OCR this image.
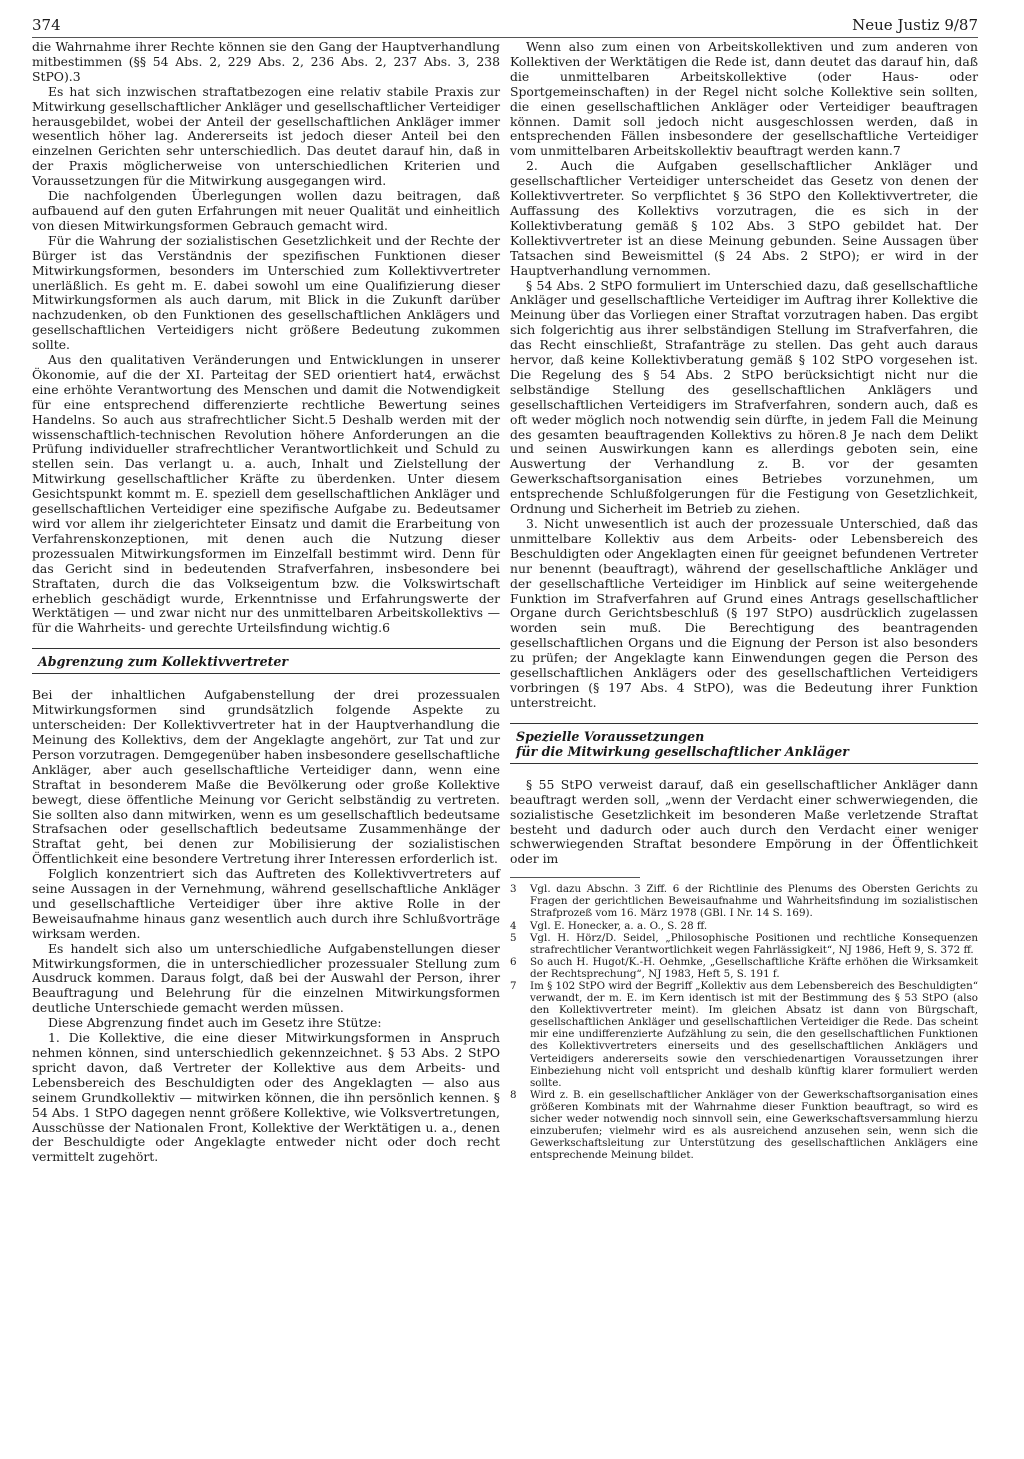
374	Neue Justiz 9/87

die Wahrnahme ihrer Rechte können sie den Gang der Hauptverhandlung mitbestimmen (§§ 54 Abs. 2, 229 Abs. 2, 236 Abs. 2, 237 Abs. 3, 238 StPO).3

Es hat sich inzwischen straftatbezogen eine relativ stabile Praxis zur Mitwirkung gesellschaftlicher Ankläger und gesellschaftlicher Verteidiger herausgebildet, wobei der Anteil der gesellschaftlichen Ankläger immer wesentlich höher lag. Andererseits ist jedoch dieser Anteil bei den einzelnen Gerichten sehr unterschiedlich. Das deutet darauf hin, daß in der Praxis möglicherweise von unterschiedlichen Kriterien und Voraussetzungen für die Mitwirkung ausgegangen wird.

Die nachfolgenden Überlegungen wollen dazu beitragen, daß aufbauend auf den guten Erfahrungen mit neuer Qualität und einheitlich von diesen Mitwirkungsformen Gebrauch gemacht wird.

Für die Wahrung der sozialistischen Gesetzlichkeit und der Rechte der Bürger ist das Verständnis der spezifischen Funktionen dieser Mitwirkungsformen, besonders im Unterschied zum Kollektivvertreter unerläßlich. Es geht m. E. dabei sowohl um eine Qualifizierung dieser Mitwirkungsformen als auch darum, mit Blick in die Zukunft darüber nachzudenken, ob den Funktionen des gesellschaftlichen Anklägers und gesellschaftlichen Verteidigers nicht größere Bedeutung zukommen sollte.

Aus den qualitativen Veränderungen und Entwicklungen in unserer Ökonomie, auf die der XI. Parteitag der SED orientiert hat4, erwächst eine erhöhte Verantwortung des Menschen und damit die Notwendigkeit für eine entsprechend differenzierte rechtliche Bewertung seines Handelns. So auch aus strafrechtlicher Sicht.5 Deshalb werden mit der wissenschaftlich-technischen Revolution höhere Anforderungen an die Prüfung individueller strafrechtlicher Verantwortlichkeit und Schuld zu stellen sein. Das verlangt u. a. auch, Inhalt und Zielstellung der Mitwirkung gesellschaftlicher Kräfte zu überdenken. Unter diesem Gesichtspunkt kommt m. E. speziell dem gesellschaftlichen Ankläger und gesellschaftlichen Verteidiger eine spezifische Aufgabe zu. Bedeutsamer wird vor allem ihr zielgerichteter Einsatz und damit die Erarbeitung von Verfahrenskonzeptionen, mit denen auch die Nutzung dieser prozessualen Mitwirkungsformen im Einzelfall bestimmt wird. Denn für das Gericht sind in bedeutenden Strafverfahren, insbesondere bei Straftaten, durch die das Volkseigentum bzw. die Volkswirtschaft erheblich geschädigt wurde, Erkenntnisse und Erfahrungswerte der Werktätigen — und zwar nicht nur des unmittelbaren Arbeitskollektivs — für die Wahrheits- und gerechte Urteilsfindung wichtig.6

Abgrenzung zum Kollektivvertreter

Bei der inhaltlichen Aufgabenstellung der drei prozessualen Mitwirkungsformen sind grundsätzlich folgende Aspekte zu unterscheiden: Der Kollektivvertreter hat in der Hauptverhandlung die Meinung des Kollektivs, dem der Angeklagte angehört, zur Tat und zur Person vorzutragen. Demgegenüber haben insbesondere gesellschaftliche Ankläger, aber auch gesellschaftliche Verteidiger dann, wenn eine Straftat in besonderem Maße die Bevölkerung oder große Kollektive bewegt, diese öffentliche Meinung vor Gericht selbständig zu vertreten. Sie sollten also dann mitwirken, wenn es um gesellschaftlich bedeutsame Strafsachen oder gesellschaftlich bedeutsame Zusammenhänge der Straftat geht, bei denen zur Mobilisierung der sozialistischen Öffentlichkeit eine besondere Vertretung ihrer Interessen erforderlich ist.

Folglich konzentriert sich das Auftreten des Kollektivvertreters auf seine Aussagen in der Vernehmung, während gesellschaftliche Ankläger und gesellschaftliche Verteidiger über ihre aktive Rolle in der Beweisaufnahme hinaus ganz wesentlich auch durch ihre Schlußvorträge wirksam werden.

Es handelt sich also um unterschiedliche Aufgabenstellungen dieser Mitwirkungsformen, die in unterschiedlicher prozessualer Stellung zum Ausdruck kommen. Daraus folgt, daß bei der Auswahl der Person, ihrer Beauftragung und Belehrung für die einzelnen Mitwirkungsformen deutliche Unterschiede gemacht werden müssen.

Diese Abgrenzung findet auch im Gesetz ihre Stütze:

1. Die Kollektive, die eine dieser Mitwirkungsformen in Anspruch nehmen können, sind unterschiedlich gekennzeichnet. § 53 Abs. 2 StPO spricht davon, daß Vertreter der Kollektive aus dem Arbeits- und Lebensbereich des Beschuldigten oder des Angeklagten — also aus seinem Grundkollektiv — mitwirken können, die ihn persönlich kennen. § 54 Abs. 1 StPO dagegen nennt größere Kollektive, wie Volksvertretungen, Ausschüsse der Nationalen Front, Kollektive der Werktätigen u. a., denen der Beschuldigte oder Angeklagte entweder nicht oder doch recht vermittelt zugehört.

Wenn also zum einen von Arbeitskollektiven und zum anderen von Kollektiven der Werktätigen die Rede ist, dann deutet das darauf hin, daß die unmittelbaren Arbeitskollektive (oder Haus- oder Sportgemeinschaften) in der Regel nicht solche Kollektive sein sollten, die einen gesellschaftlichen Ankläger oder Verteidiger beauftragen können. Damit soll jedoch nicht ausgeschlossen werden, daß in entsprechenden Fällen insbesondere der gesellschaftliche Verteidiger vom unmittelbaren Arbeitskollektiv beauftragt werden kann.7

2. Auch die Aufgaben gesellschaftlicher Ankläger und gesellschaftlicher Verteidiger unterscheidet das Gesetz von denen der Kollektivvertreter. So verpflichtet § 36 StPO den Kollektivvertreter, die Auffassung des Kollektivs vorzutragen, die es sich in der Kollektivberatung gemäß § 102 Abs. 3 StPO gebildet hat. Der Kollektivvertreter ist an diese Meinung gebunden. Seine Aussagen über Tatsachen sind Beweismittel (§ 24 Abs. 2 StPO); er wird in der Hauptverhandlung vernommen.

§ 54 Abs. 2 StPO formuliert im Unterschied dazu, daß gesellschaftliche Ankläger und gesellschaftliche Verteidiger im Auftrag ihrer Kollektive die Meinung über das Vorliegen einer Straftat vorzutragen haben. Das ergibt sich folgerichtig aus ihrer selbständigen Stellung im Strafverfahren, die das Recht einschließt, Strafanträge zu stellen. Das geht auch daraus hervor, daß keine Kollektivberatung gemäß § 102 StPO vorgesehen ist. Die Regelung des § 54 Abs. 2 StPO berücksichtigt nicht nur die selbständige Stellung des gesellschaftlichen Anklägers und gesellschaftlichen Verteidigers im Strafverfahren, sondern auch, daß es oft weder möglich noch notwendig sein dürfte, in jedem Fall die Meinung des gesamten beauftragenden Kollektivs zu hören.8 Je nach dem Delikt und seinen Auswirkungen kann es allerdings geboten sein, eine Auswertung der Verhandlung z. B. vor der gesamten Gewerkschaftsorganisation eines Betriebes vorzunehmen, um entsprechende Schlußfolgerungen für die Festigung von Gesetzlichkeit, Ordnung und Sicherheit im Betrieb zu ziehen.

3. Nicht unwesentlich ist auch der prozessuale Unterschied, daß das unmittelbare Kollektiv aus dem Arbeits- oder Lebensbereich des Beschuldigten oder Angeklagten einen für geeignet befundenen Vertreter nur benennt (beauftragt), während der gesellschaftliche Ankläger und der gesellschaftliche Verteidiger im Hinblick auf seine weitergehende Funktion im Strafverfahren auf Grund eines Antrags gesellschaftlicher Organe durch Gerichtsbeschluß (§ 197 StPO) ausdrücklich zugelassen worden sein muß. Die Berechtigung des beantragenden gesellschaftlichen Organs und die Eignung der Person ist also besonders zu prüfen; der Angeklagte kann Einwendungen gegen die Person des gesellschaftlichen Anklägers oder des gesellschaftlichen Verteidigers vorbringen (§ 197 Abs. 4 StPO), was die Bedeutung ihrer Funktion unterstreicht.

Spezielle Voraussetzungen
für die Mitwirkung gesellschaftlicher Ankläger

§ 55 StPO verweist darauf, daß ein gesellschaftlicher Ankläger dann beauftragt werden soll, „wenn der Verdacht einer schwerwiegenden, die sozialistische Gesetzlichkeit im besonderen Maße verletzende Straftat besteht und dadurch oder auch durch den Verdacht einer weniger schwerwiegenden Straftat besondere Empörung in der Öffentlichkeit oder im

3	Vgl. dazu Abschn. 3 Ziff. 6 der Richtlinie des Plenums des Obersten Gerichts zu Fragen der gerichtlichen Beweisaufnahme und Wahrheitsfindung im sozialistischen Strafprozeß vom 16. März 1978 (GBl. I Nr. 14 S. 169).
4	Vgl. E. Honecker, a. a. O., S. 28 ff.
5	Vgl. H. Hörz/D. Seidel, „Philosophische Positionen und rechtliche Konsequenzen strafrechtlicher Verantwortlichkeit wegen Fahrlässigkeit“, NJ 1986, Heft 9, S. 372 ff.
6	So auch H. Hugot/K.-H. Oehmke, „Gesellschaftliche Kräfte erhöhen die Wirksamkeit der Rechtsprechung“, NJ 1983, Heft 5, S. 191 f.
7	Im § 102 StPO wird der Begriff „Kollektiv aus dem Lebensbereich des Beschuldigten“ verwandt, der m. E. im Kern identisch ist mit der Bestimmung des § 53 StPO (also den Kollektivvertreter meint). Im gleichen Absatz ist dann von Bürgschaft, gesellschaftlichen Ankläger und gesellschaftlichen Verteidiger die Rede. Das scheint mir eine undifferenzierte Aufzählung zu sein, die den gesellschaftlichen Funktionen des Kollektivvertreters einerseits und des gesellschaftlichen Anklägers und Verteidigers andererseits sowie den verschiedenartigen Voraussetzungen ihrer Einbeziehung nicht voll entspricht und deshalb künftig klarer formuliert werden sollte.
8	Wird z. B. ein gesellschaftlicher Ankläger von der Gewerkschaftsorganisation eines größeren Kombinats mit der Wahrnahme dieser Funktion beauftragt, so wird es sicher weder notwendig noch sinnvoll sein, eine Gewerkschaftsversammlung hierzu einzuberufen; vielmehr wird es als ausreichend anzusehen sein, wenn sich die Gewerkschaftsleitung zur Unterstützung des gesellschaftlichen Anklägers eine entsprechende Meinung bildet.
